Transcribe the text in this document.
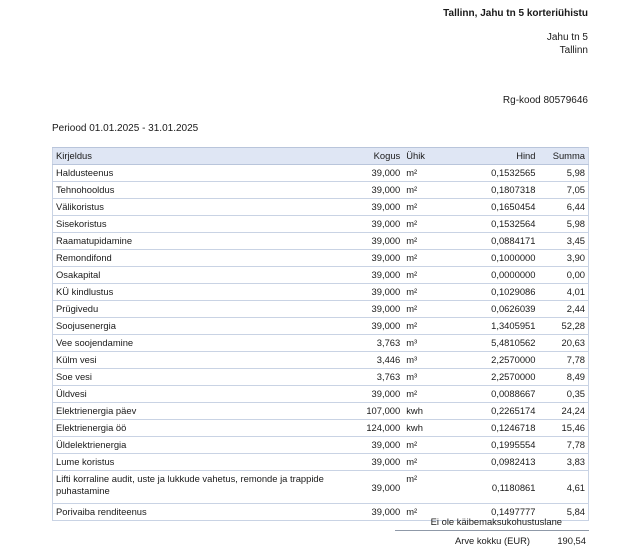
Tallinn, Jahu tn 5 korteriühistu
Jahu tn 5
Tallinn
Rg-kood 80579646
Periood 01.01.2025 - 31.01.2025
Kirjeldus	Kogus	Ühik	Hind	Summa
Haldusteenus	39,000	m²	0,1532565	5,98
Tehnohooldus	39,000	m²	0,1807318	7,05
Välikoristus	39,000	m²	0,1650454	6,44
Sisekoristus	39,000	m²	0,1532564	5,98
Raamatupidamine	39,000	m²	0,0884171	3,45
Remondifond	39,000	m²	0,1000000	3,90
Osakapital	39,000	m²	0,0000000	0,00
KÜ kindlustus	39,000	m²	0,1029086	4,01
Prügivedu	39,000	m²	0,0626039	2,44
Soojusenergia	39,000	m²	1,3405951	52,28
Vee soojendamine	3,763	m³	5,4810562	20,63
Külm vesi	3,446	m³	2,2570000	7,78
Soe vesi	3,763	m³	2,2570000	8,49
Üldvesi	39,000	m²	0,0088667	0,35
Elektrienergia päev	107,000	kwh	0,2265174	24,24
Elektrienergia öö	124,000	kwh	0,1246718	15,46
Üldelektrienergia	39,000	m²	0,1995554	7,78
Lume koristus	39,000	m²	0,0982413	3,83
Lifti korraline audit, uste ja lukkude vahetus, remonde ja trappide puhastamine	39,000	m²	0,1180861	4,61
Porivaiba renditeenus	39,000	m²	0,1497777	5,84
Ei ole käibemaksukohustuslane
Arve kokku (EUR)	190,54
